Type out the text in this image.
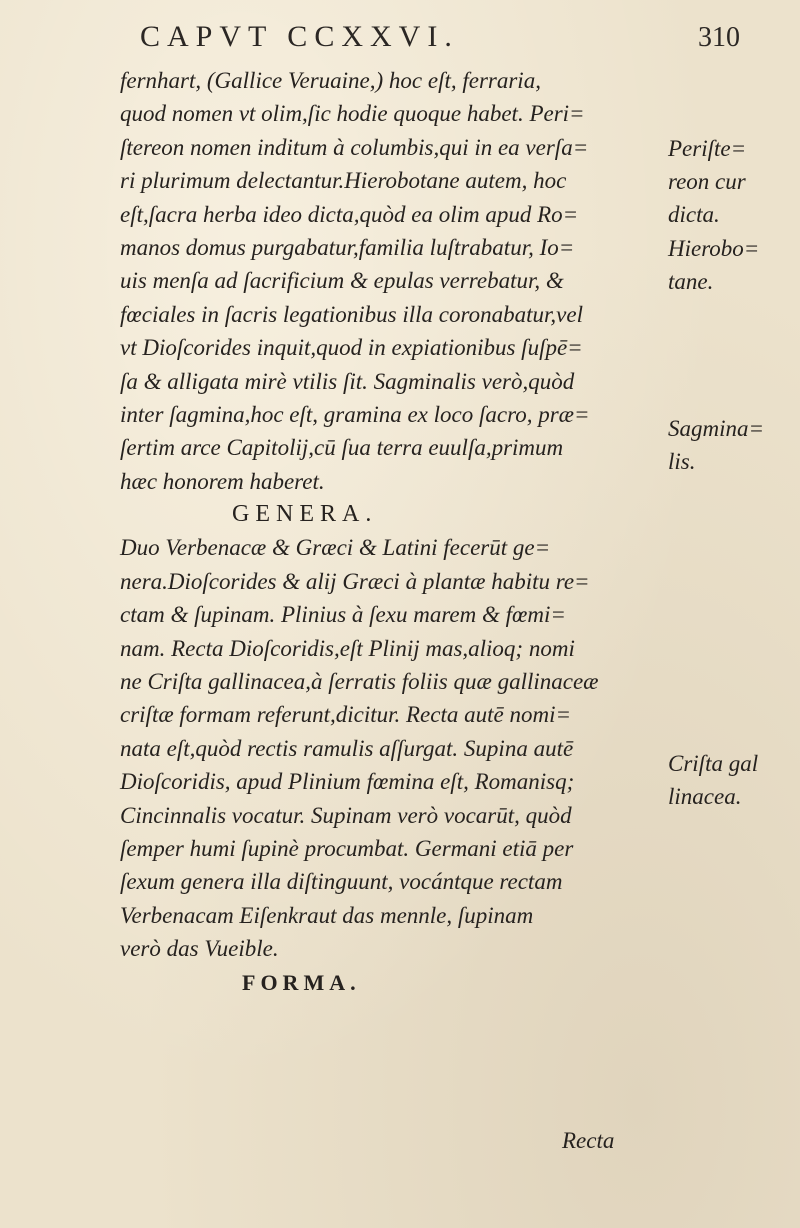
CAPVT CCXXVI.	310
fernhart, (Gallice Veruaine,) hoc eſt, ferraria,
quod nomen vt olim,ſic hodie quoque habet. Peri=
ſtereon nomen inditum à columbis,qui in ea verſa=
ri plurimum delectantur.Hierobotane autem, hoc
eſt,ſacra herba ideo dicta,quòd ea olim apud Ro=
manos domus purgabatur,familia luſtrabatur, Io=
uis menſa ad ſacrificium & epulas verrebatur, &
fœciales in ſacris legationibus illa coronabatur,vel
vt Dioſcorides inquit,quod in expiationibus ſuſpē=
ſa & alligata mirè vtilis ſit. Sagminalis verò,quòd
inter ſagmina,hoc eſt, gramina ex loco ſacro, præ=
ſertim arce Capitolij,cū ſua terra euulſa,primum
hæc honorem haberet.
GENERA.
Duo Verbenacæ & Græci & Latini fecerūt ge=
nera.Dioſcorides & alij Græci à plantæ habitu re=
ctam & ſupinam. Plinius à ſexu marem & fœmi=
nam. Recta Dioſcoridis,eſt Plinij mas,alioq; nomi
ne Criſta gallinacea,à ſerratis foliis quæ gallinaceæ
criſtæ formam referunt,dicitur. Recta autē nomi=
nata eſt,quòd rectis ramulis aſſurgat. Supina autē
Dioſcoridis, apud Plinium fœmina eſt, Romanisq;
Cincinnalis vocatur. Supinam verò vocarūt, quòd
ſemper humi ſupinè procumbat. Germani etiā per
ſexum genera illa diſtinguunt, vocántque rectam
Verbenacam Eiſenkraut das mennle, ſupinam
verò das Vueible.
FORMA.
Periſte=
reon cur
dicta.
Hierobo=
tane.
Sagmina=
lis.
Criſta gal
linacea.
Recta
